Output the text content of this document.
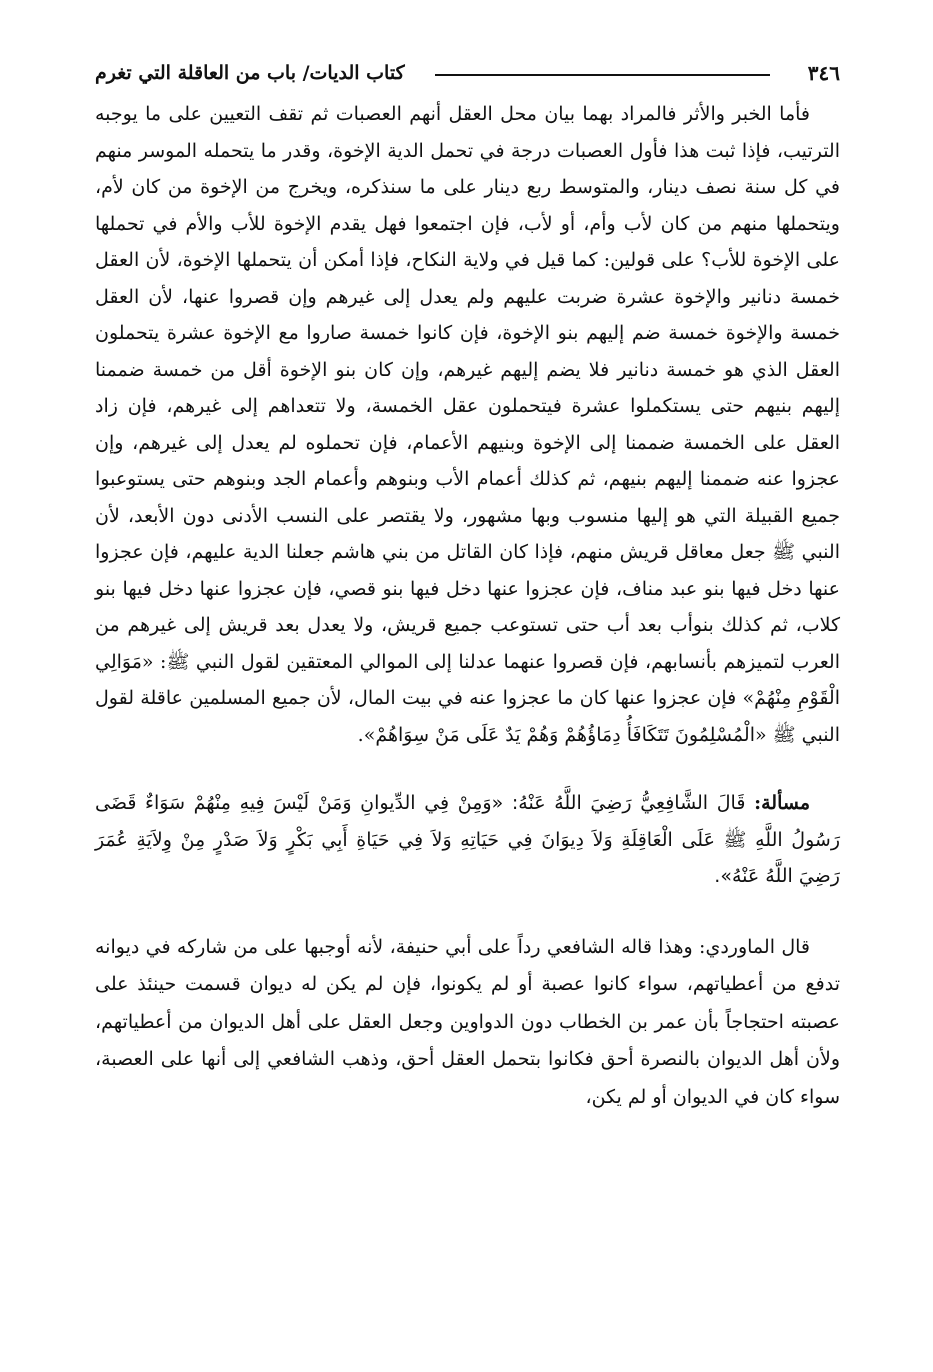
٣٤٦
كتاب الديات/ باب من العاقلة التي تغرم

فأما الخبر والأثر فالمراد بهما بيان محل العقل أنهم العصبات ثم تقف التعيين على ما يوجبه الترتيب، فإذا ثبت هذا فأول العصبات درجة في تحمل الدية الإخوة، وقدر ما يتحمله الموسر منهم في كل سنة نصف دينار، والمتوسط ربع دينار على ما سنذكره، ويخرج من الإخوة من كان لأم، ويتحملها منهم من كان لأب وأم، أو لأب، فإن اجتمعوا فهل يقدم الإخوة للأب والأم في تحملها على الإخوة للأب؟ على قولين: كما قيل في ولاية النكاح، فإذا أمكن أن يتحملها الإخوة، لأن العقل خمسة دنانير والإخوة عشرة ضربت عليهم ولم يعدل إلى غيرهم وإن قصروا عنها، لأن العقل خمسة والإخوة خمسة ضم إليهم بنو الإخوة، فإن كانوا خمسة صاروا مع الإخوة عشرة يتحملون العقل الذي هو خمسة دنانير فلا يضم إليهم غيرهم، وإن كان بنو الإخوة أقل من خمسة ضممنا إليهم بنيهم حتى يستكملوا عشرة فيتحملون عقل الخمسة، ولا تتعداهم إلى غيرهم، فإن زاد العقل على الخمسة ضممنا إلى الإخوة وبنيهم الأعمام، فإن تحملوه لم يعدل إلى غيرهم، وإن عجزوا عنه ضممنا إليهم بنيهم، ثم كذلك أعمام الأب وبنوهم وأعمام الجد وبنوهم حتى يستوعبوا جميع القبيلة التي هو إليها منسوب وبها مشهور، ولا يقتصر على النسب الأدنى دون الأبعد، لأن النبي ﷺ جعل معاقل قريش منهم، فإذا كان القاتل من بني هاشم جعلنا الدية عليهم، فإن عجزوا عنها دخل فيها بنو عبد مناف، فإن عجزوا عنها دخل فيها بنو قصي، فإن عجزوا عنها دخل فيها بنو كلاب، ثم كذلك بنوأب بعد أب حتى تستوعب جميع قريش، ولا يعدل بعد قريش إلى غيرهم من العرب لتميزهم بأنسابهم، فإن قصروا عنهما عدلنا إلى الموالي المعتقين لقول النبي ﷺ: «مَوَالِي الْقَوْمِ مِنْهُمْ» فإن عجزوا عنها كان ما عجزوا عنه في بيت المال، لأن جميع المسلمين عاقلة لقول النبي ﷺ «الْمُسْلِمُونَ تَتَكَافَأُ دِمَاؤُهُمْ وَهُمْ يَدٌ عَلَى مَنْ سِوَاهُمْ».

مسألة: قَالَ الشَّافِعِيُّ رَضِيَ اللَّهُ عَنْهُ: «وَمِنْ فِي الدِّيوانِ وَمَنْ لَيْسَ فِيهِ مِنْهُمْ سَوَاءٌ قَضَى رَسُولُ اللَّهِ ﷺ عَلَى الْعَاقِلَةِ وَلاَ دِيوَانَ فِي حَيَاتِهِ وَلاَ فِي حَيَاةِ أَبِي بَكْرٍ وَلاَ صَدْرٍ مِنْ وِلاَيَةِ عُمَرَ رَضِيَ اللَّهُ عَنْهُ».

قال الماوردي: وهذا قاله الشافعي رداً على أبي حنيفة، لأنه أوجبها على من شاركه في ديوانه تدفع من أعطياتهم، سواء كانوا عصبة أو لم يكونوا، فإن لم يكن له ديوان قسمت حينئذ على عصبته احتجاجاً بأن عمر بن الخطاب دون الدواوين وجعل العقل على أهل الديوان من أعطياتهم، ولأن أهل الديوان بالنصرة أحق فكانوا بتحمل العقل أحق، وذهب الشافعي إلى أنها على العصبة، سواء كان في الديوان أو لم يكن،
